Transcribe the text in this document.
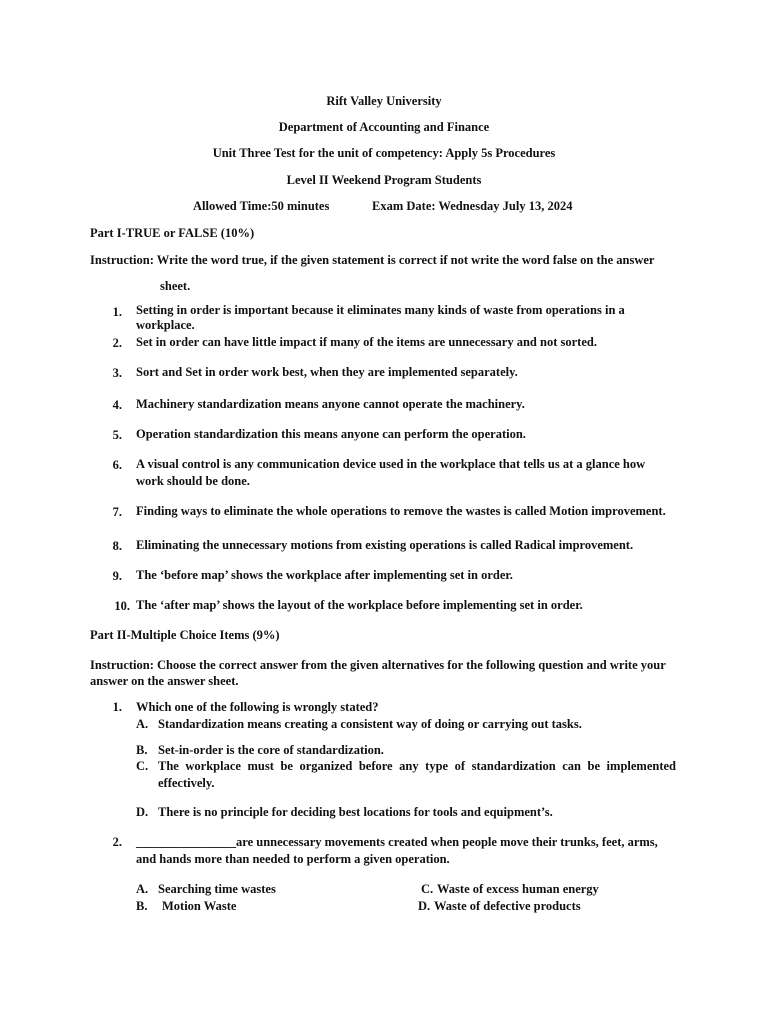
Rift Valley University
Department of Accounting and Finance
Unit Three Test for the unit of competency: Apply 5s Procedures
Level II Weekend Program Students
Allowed Time:50 minutes	Exam Date: Wednesday July 13, 2024
Part I-TRUE or FALSE (10%)
Instruction: Write the word true, if the given statement is correct if not write the word false on the answer
sheet.
1. Setting in order is important because it eliminates many kinds of waste from operations in a workplace.
2. Set in order can have little impact if many of the items are unnecessary and not sorted.
3. Sort and Set in order work best, when they are implemented separately.
4. Machinery standardization means anyone cannot operate the machinery.
5. Operation standardization this means anyone can perform the operation.
6. A visual control is any communication device used in the workplace that tells us at a glance how work should be done.
7. Finding ways to eliminate the whole operations to remove the wastes is called Motion improvement.
8. Eliminating the unnecessary motions from existing operations is called Radical improvement.
9. The ‘before map’ shows the workplace after implementing set in order.
10. The ‘after map’ shows the layout of the workplace before implementing set in order.
Part II-Multiple Choice Items (9%)
Instruction: Choose the correct answer from the given alternatives for the following question and write your answer on the answer sheet.
1. Which one of the following is wrongly stated?
A. Standardization means creating a consistent way of doing or carrying out tasks.
B. Set-in-order is the core of standardization.
C. The workplace must be organized before any type of standardization can be implemented effectively.
D. There is no principle for deciding best locations for tools and equipment’s.
2. ________________are unnecessary movements created when people move their trunks, feet, arms, and hands more than needed to perform a given operation.
A. Searching time wastes
B. Motion Waste
C. Waste of excess human energy
D. Waste of defective products
